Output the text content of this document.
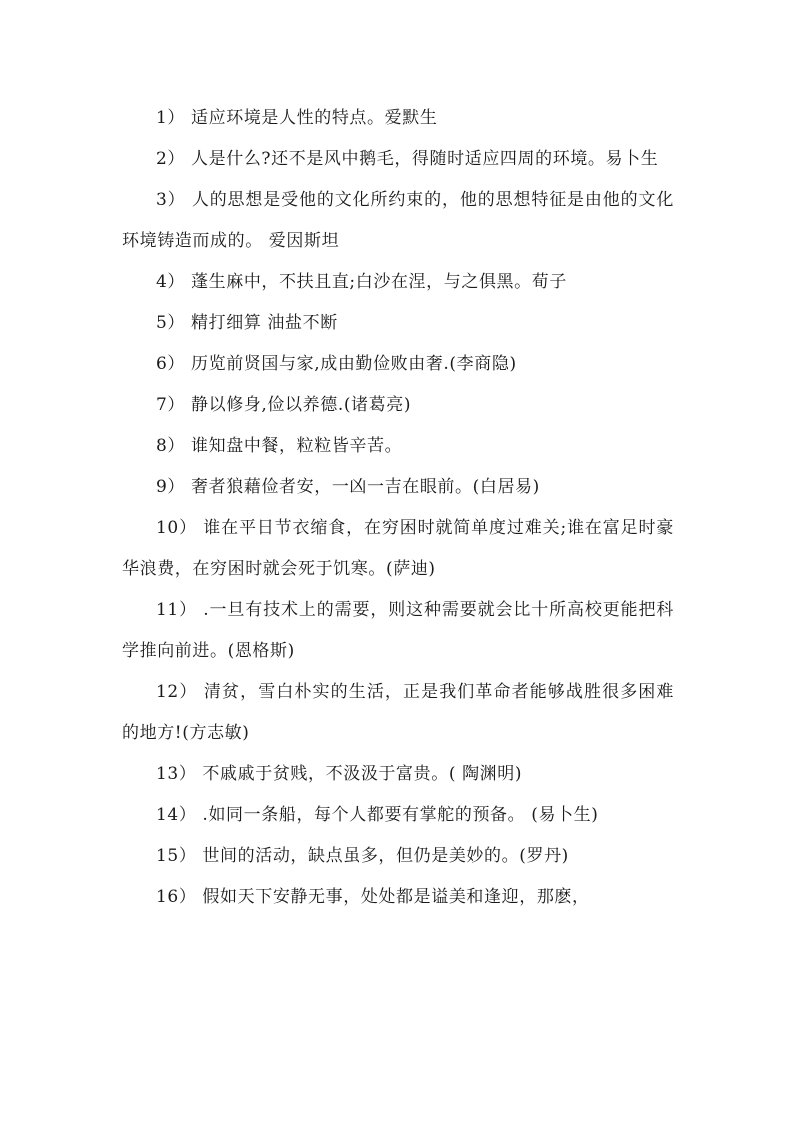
1） 适应环境是人性的特点。爱默生

2） 人是什么?还不是风中鹅毛，得随时适应四周的环境。易卜生

3） 人的思想是受他的文化所约束的，他的思想特征是由他的文化环境铸造而成的。 爱因斯坦

4） 蓬生麻中，不扶且直;白沙在涅，与之俱黑。荀子

5） 精打细算 油盐不断

6） 历览前贤国与家,成由勤俭败由奢.(李商隐)

7） 静以修身,俭以养德.(诸葛亮)

8） 谁知盘中餐，粒粒皆辛苦。

9） 奢者狼藉俭者安，一凶一吉在眼前。(白居易)

10） 谁在平日节衣缩食，在穷困时就简单度过难关;谁在富足时豪华浪费，在穷困时就会死于饥寒。(萨迪)

11） .一旦有技术上的需要，则这种需要就会比十所高校更能把科学推向前进。(恩格斯)

12） 清贫，雪白朴实的生活，正是我们革命者能够战胜很多困难的地方!(方志敏)

13） 不戚戚于贫贱，不汲汲于富贵。( 陶渊明)

14） .如同一条船，每个人都要有掌舵的预备。 (易卜生)

15） 世间的活动，缺点虽多，但仍是美妙的。(罗丹)

16） 假如天下安静无事，处处都是谥美和逢迎，那麽，
